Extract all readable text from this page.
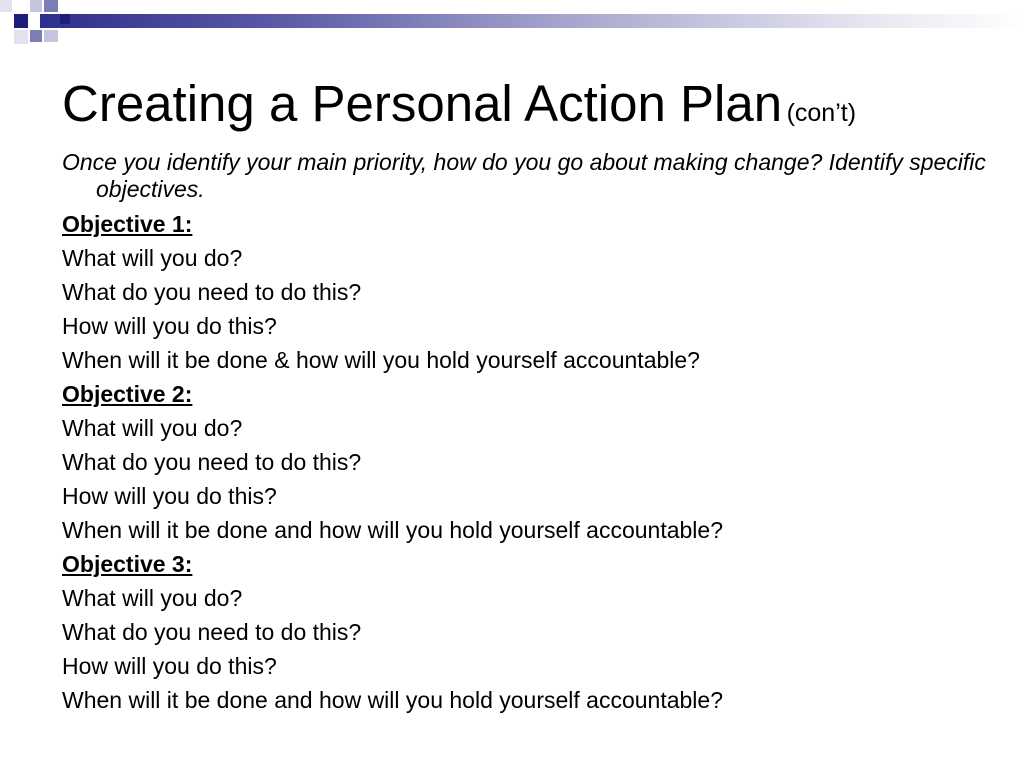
Creating a Personal Action Plan (con’t)

Once you identify your main priority, how do you go about making change? Identify specific objectives.

Objective 1:
What will you do?
What do you need to do this?
How will you do this?
When will it be done & how will you hold yourself accountable?
Objective 2:
What will you do?
What do you need to do this?
How will you do this?
When will it be done and how will you hold yourself accountable?
Objective 3:
What will you do?
What do you need to do this?
How will you do this?
When will it be done and how will you hold yourself accountable?
